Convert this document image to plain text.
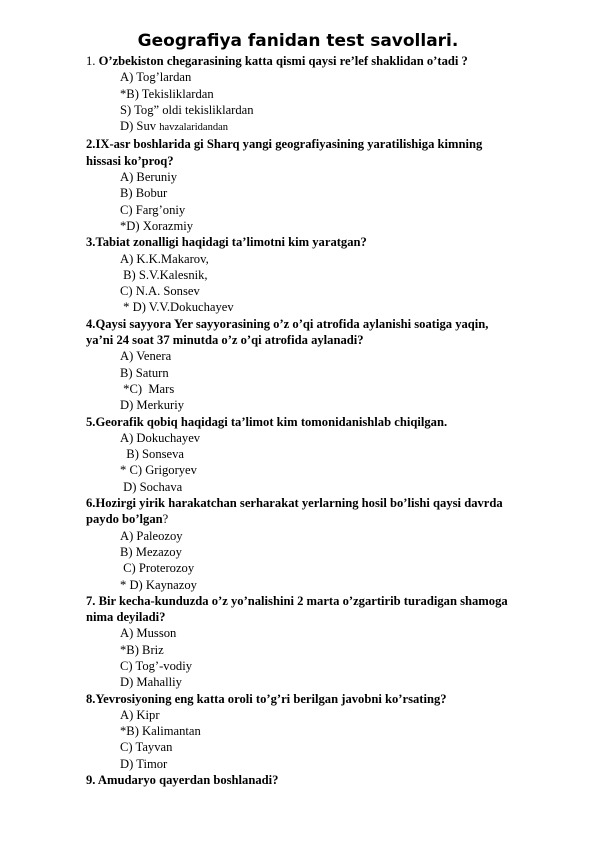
Geografiya fanidan test savollari.
1. O’zbekiston chegarasining katta qismi qaysi re’lef shaklidan o’tadi ?
A) Tog’lardan
*B) Tekisliklardan
S) Tog” oldi tekisliklardan
D) Suv havzalaridandan
2.IX-asr boshlarida gi Sharq yangi geografiyasining yaratilishiga kimning
hissasi ko’proq?
A) Beruniy
B) Bobur
C) Farg’oniy
*D) Xorazmiy
3.Tabiat zonalligi haqidagi ta’limotni kim yaratgan?
A) K.K.Makarov,
B) S.V.Kalesnik,
C) N.A. Sonsev
* D) V.V.Dokuchayev
4.Qaysi sayyora Yer sayyorasining o’z o’qi atrofida aylanishi soatiga yaqin,
ya’ni 24 soat 37 minutda o’z o’qi atrofida aylanadi?
A) Venera
B) Saturn
*C)  Mars
D) Merkuriy
5.Georafik qobiq haqidagi ta’limot kim tomonidanishlab chiqilgan.
A) Dokuchayev
B) Sonseva
* C) Grigoryev
D) Sochava
6.Hozirgi yirik harakatchan serharakat yerlarning hosil bo’lishi qaysi davrda
paydo bo’lgan?
A) Paleozoy
B) Mezazoy
C) Proterozoy
* D) Kaynazoy
7. Bir kecha-kunduzda o’z yo’nalishini 2 marta o’zgartirib turadigan shamoga
nima deyiladi?
A) Musson
*B) Briz
C) Tog’-vodiy
D) Mahalliy
8.Yevrosiyoning eng katta oroli to’g’ri berilgan javobni ko’rsating?
A) Kipr
*B) Kalimantan
C) Tayvan
D) Timor
9. Amudaryo qayerdan boshlanadi?
